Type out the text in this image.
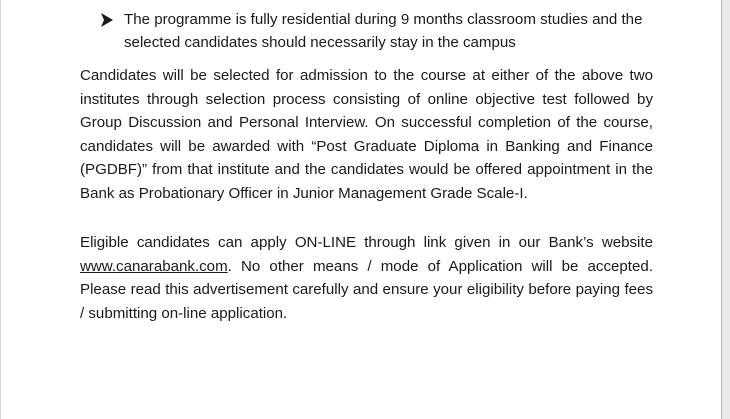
The programme is fully residential during 9 months classroom studies and the
selected candidates should necessarily stay in the campus
Candidates will be selected for admission to the course at either of the above two
institutes through selection process consisting of online objective test followed by
Group Discussion and Personal Interview. On successful completion of the course,
candidates will be awarded with “Post Graduate Diploma in Banking and Finance
(PGDBF)” from that institute and the candidates would be offered appointment in the
Bank as Probationary Officer in Junior Management Grade Scale-I.
Eligible candidates can apply ON-LINE through link given in our Bank’s website
www.canarabank.com. No other means / mode of Application will be accepted.
Please read this advertisement carefully and ensure your eligibility before paying fees
/ submitting on-line application.
